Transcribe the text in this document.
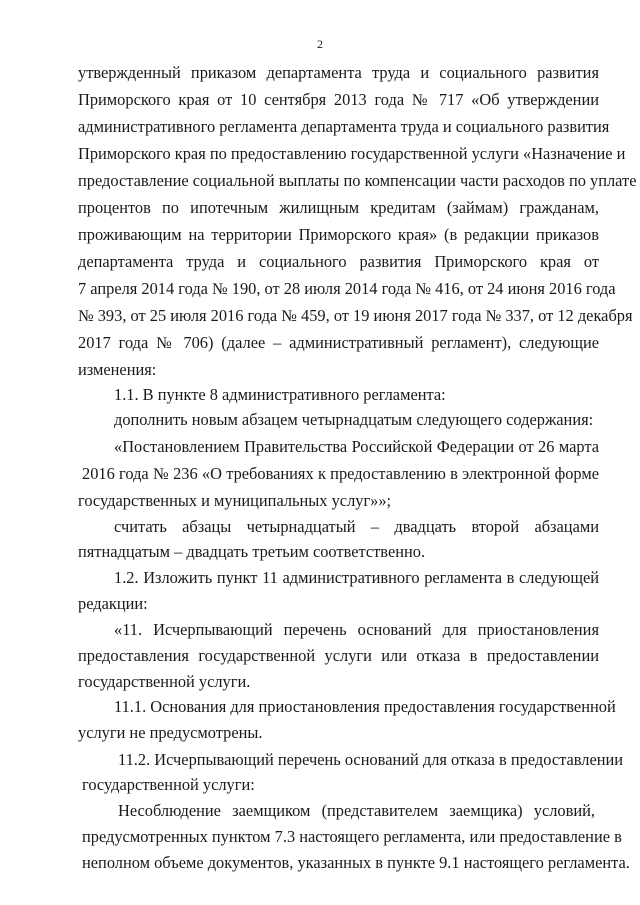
2
утвержденный приказом департамента труда и социального развития
Приморского края от 10 сентября 2013 года № 717 «Об утверждении
административного регламента департамента труда и социального развития
Приморского края по предоставлению государственной услуги «Назначение и
предоставление социальной выплаты по компенсации части расходов по уплате
процентов по ипотечным жилищным кредитам (займам) гражданам,
проживающим на территории Приморского края» (в редакции приказов
департамента труда и социального развития Приморского края от
7 апреля 2014 года № 190, от 28 июля 2014 года № 416, от 24 июня 2016 года
№ 393, от 25 июля 2016 года № 459, от 19 июня 2017 года № 337, от 12 декабря
2017 года № 706) (далее – административный регламент), следующие
изменения:
1.1. В пункте 8 административного регламента:
дополнить новым абзацем четырнадцатым следующего содержания:
«Постановлением Правительства Российской Федерации от 26 марта
2016 года № 236 «О требованиях к предоставлению в электронной форме
государственных и муниципальных услуг»»;
считать абзацы четырнадцатый – двадцать второй абзацами
пятнадцатым – двадцать третьим соответственно.
1.2. Изложить пункт 11 административного регламента в следующей
редакции:
«11. Исчерпывающий перечень оснований для приостановления
предоставления государственной услуги или отказа в предоставлении
государственной услуги.
11.1. Основания для приостановления предоставления государственной
услуги не предусмотрены.
11.2. Исчерпывающий перечень оснований для отказа в предоставлении
государственной услуги:
Несоблюдение заемщиком (представителем заемщика) условий,
предусмотренных пунктом 7.3 настоящего регламента, или предоставление в
неполном объеме документов, указанных в пункте 9.1 настоящего регламента.
